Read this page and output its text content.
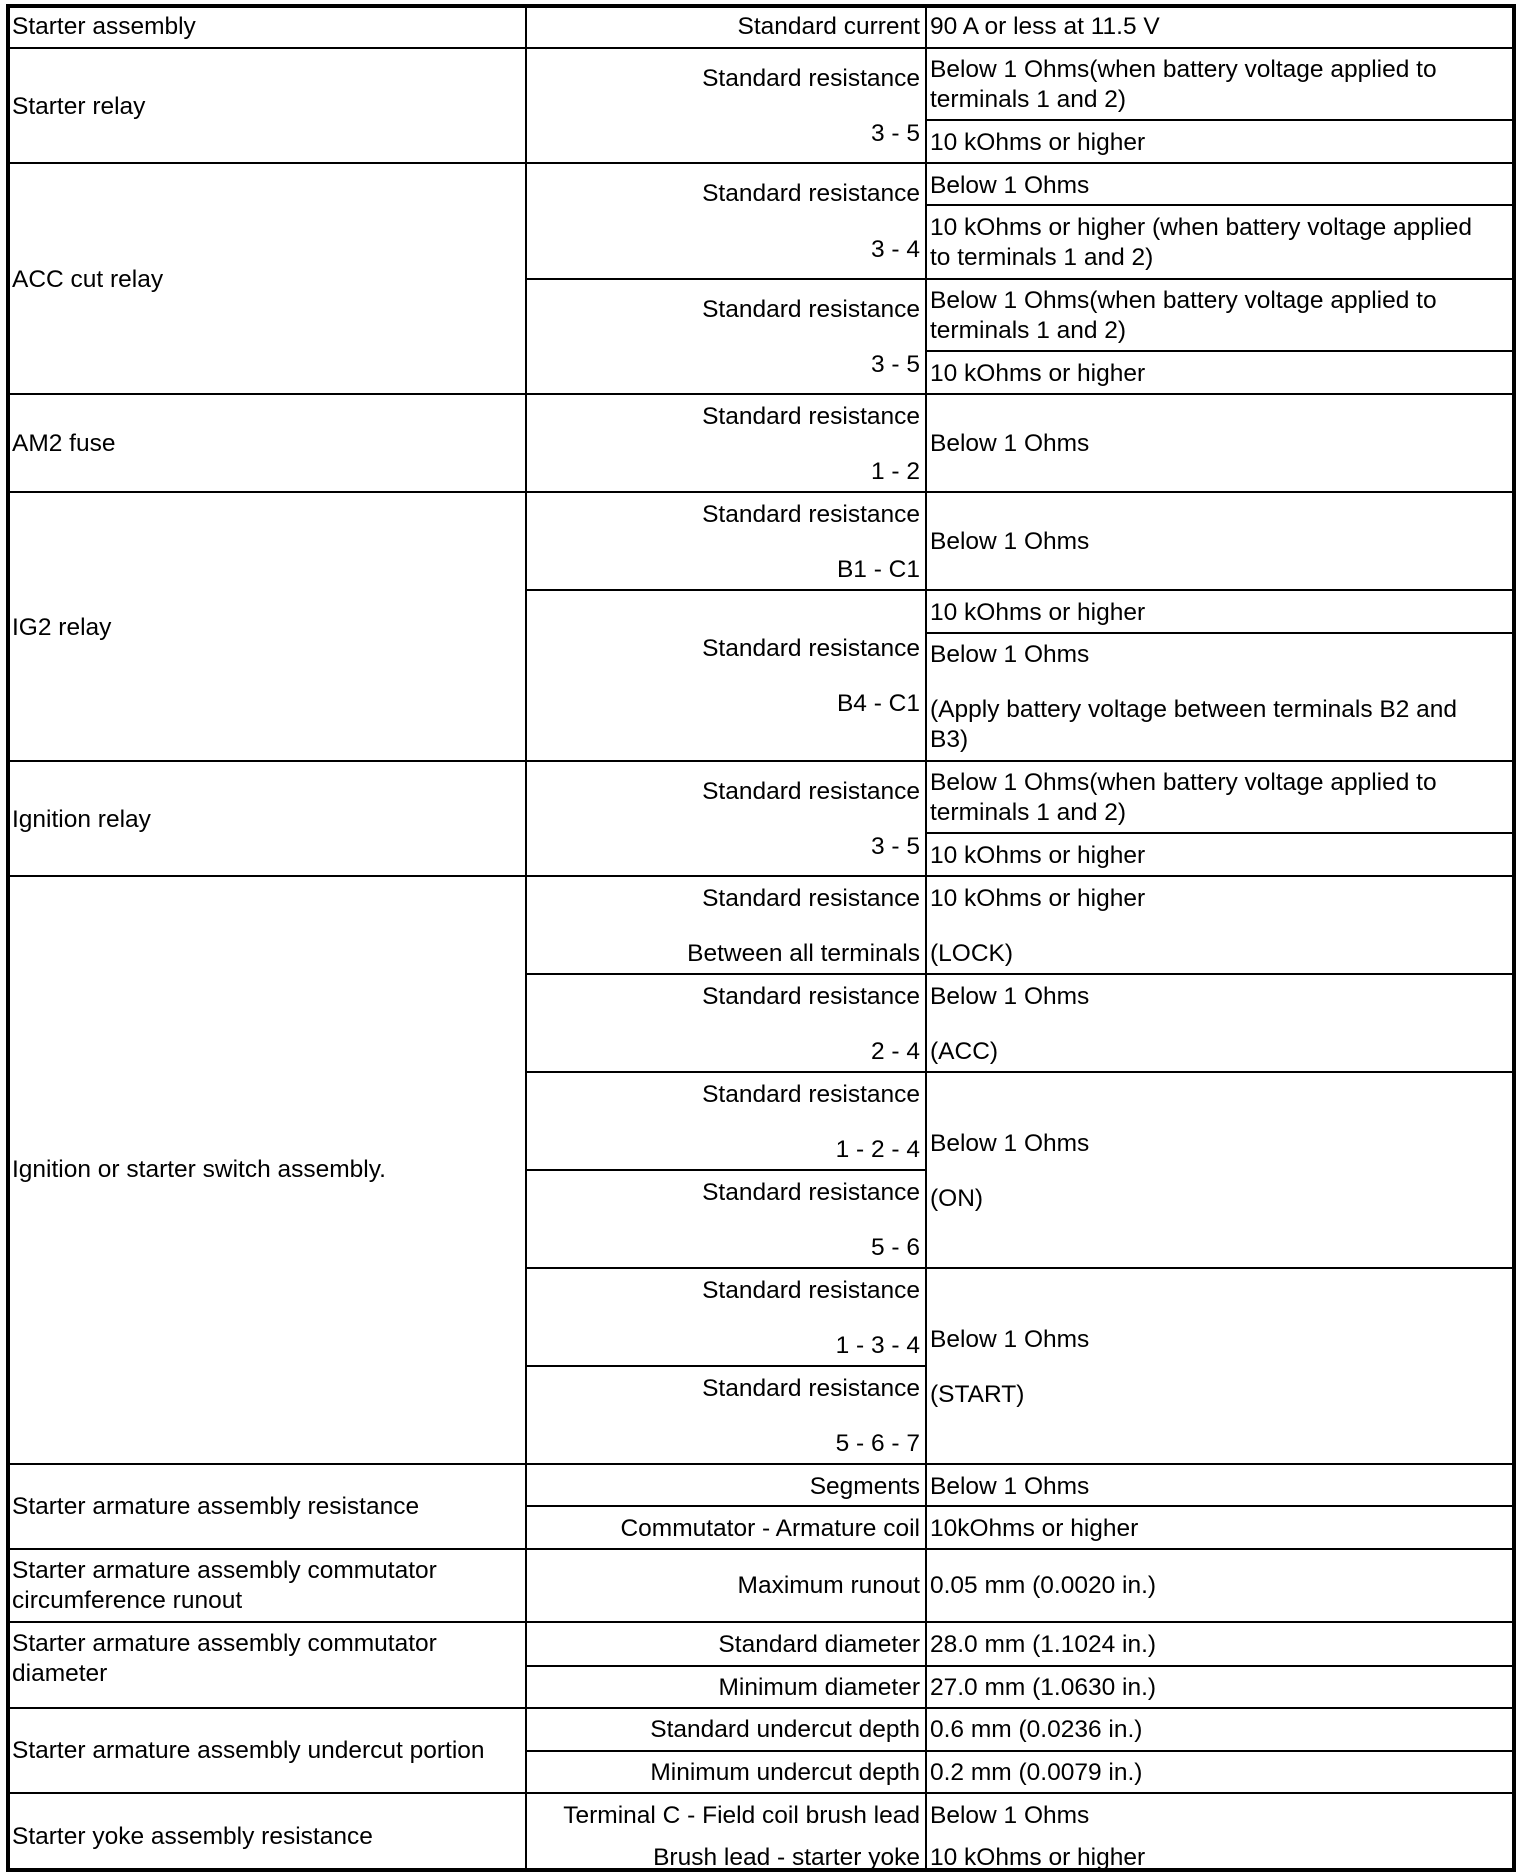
Starter assembly	Standard current 90 A or less at 11.5 V
Starter relay
Standard resistance
3 - 5
Below 1 Ohms(when battery voltage applied to
terminals 1 and 2)
10 kOhms or higher
ACC cut relay
Standard resistance
3 - 4
Below 1 Ohms
10 kOhms or higher (when battery voltage applied
to terminals 1 and 2)
Standard resistance
3 - 5
Below 1 Ohms(when battery voltage applied to
terminals 1 and 2)
10 kOhms or higher
AM2 fuse
Standard resistance
1 - 2
Below 1 Ohms
IG2 relay
Standard resistance
B1 - C1
Below 1 Ohms
Standard resistance
B4 - C1
10 kOhms or higher
Below 1 Ohms
(Apply battery voltage between terminals B2 and
B3)
Ignition relay
Standard resistance
3 - 5
Below 1 Ohms(when battery voltage applied to
terminals 1 and 2)
10 kOhms or higher
Ignition or starter switch assembly.
Standard resistance
Between all terminals
10 kOhms or higher
(LOCK)
Standard resistance
2 - 4
Below 1 Ohms
(ACC)
Standard resistance
1 - 2 - 4
Standard resistance
5 - 6
Below 1 Ohms
(ON)
Standard resistance
1 - 3 - 4
Standard resistance
5 - 6 - 7
Below 1 Ohms
(START)
Starter armature assembly resistance
Segments Below 1 Ohms
Commutator - Armature coil 10kOhms or higher
Starter armature assembly commutator
circumference runout
Maximum runout 0.05 mm (0.0020 in.)
Starter armature assembly commutator
diameter
Standard diameter 28.0 mm (1.1024 in.)
Minimum diameter 27.0 mm (1.0630 in.)
Starter armature assembly undercut portion
Standard undercut depth 0.6 mm (0.0236 in.)
Minimum undercut depth 0.2 mm (0.0079 in.)
Starter yoke assembly resistance
Terminal C - Field coil brush lead Below 1 Ohms
Brush lead - starter yoke 10 kOhms or higher
